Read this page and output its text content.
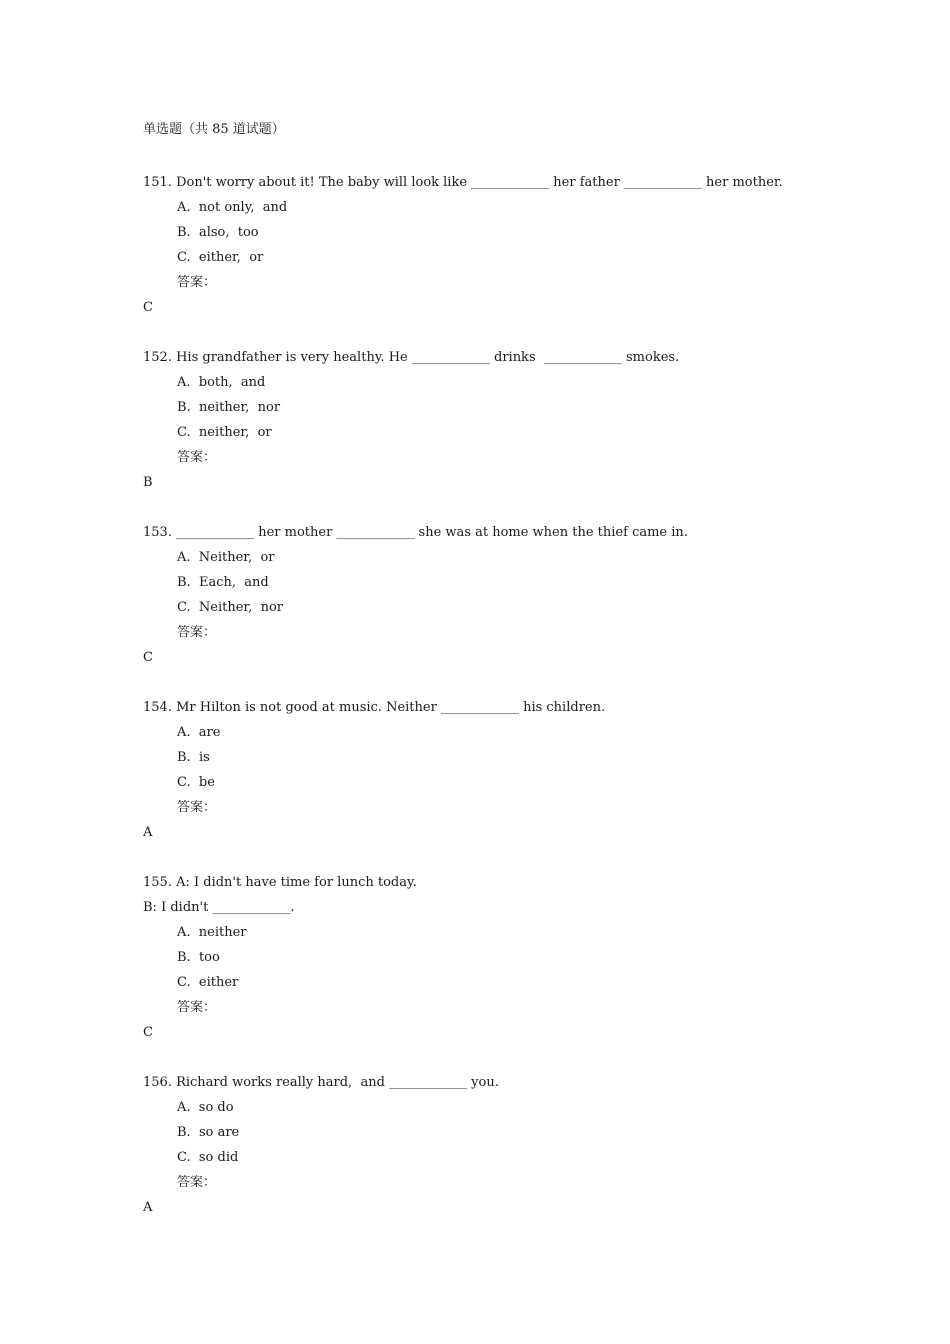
单选题（共 85 道试题）
151. Don't worry about it! The baby will look like ____________ her father ____________ her mother.
A.  not only,  and
B.  also,  too
C.  either,  or
答案：
C
152. His grandfather is very healthy. He ____________ drinks  ____________ smokes.
A.  both,  and
B.  neither,  nor
C.  neither,  or
答案：
B
153. ____________ her mother ____________ she was at home when the thief came in.
A.  Neither,  or
B.  Each,  and
C.  Neither,  nor
答案：
C
154. Mr Hilton is not good at music. Neither ____________ his children.
A.  are
B.  is
C.  be
答案：
A
155. A: I didn't have time for lunch today.
B: I didn't ____________.
A.  neither
B.  too
C.  either
答案：
C
156. Richard works really hard,  and ____________ you.
A.  so do
B.  so are
C.  so did
答案：
A
